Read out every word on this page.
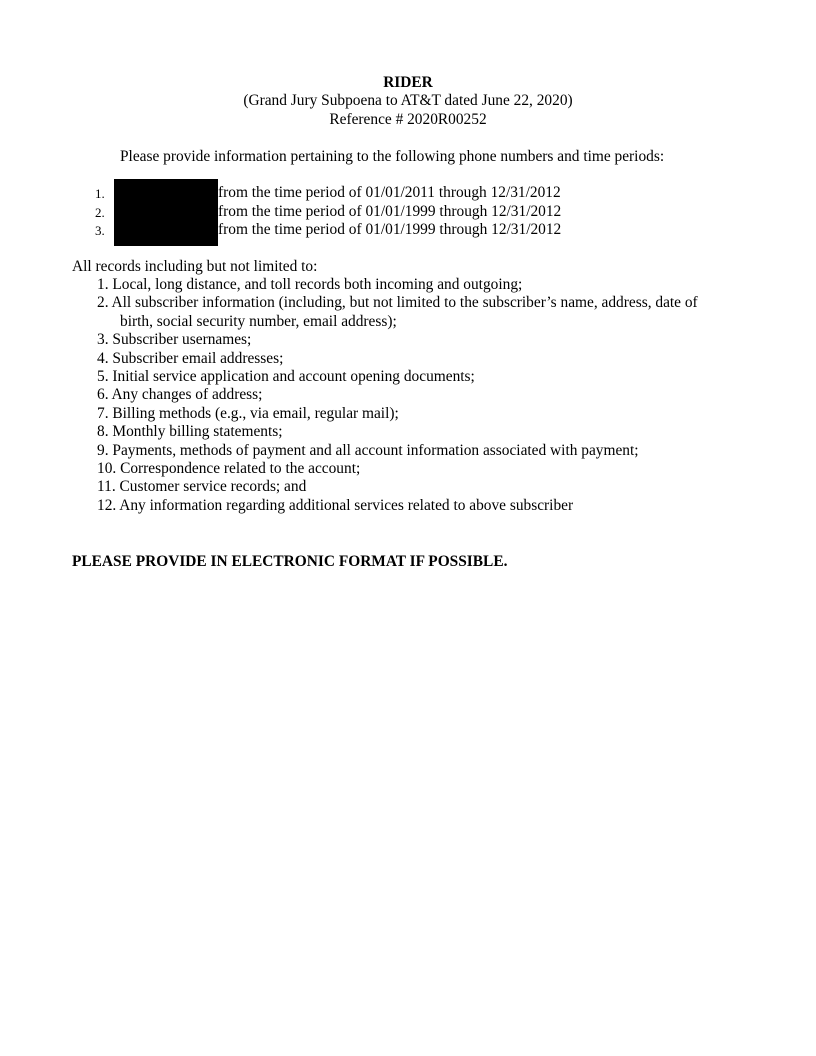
RIDER
(Grand Jury Subpoena to AT&T dated June 22, 2020)
Reference # 2020R00252
Please provide information pertaining to the following phone numbers and time periods:
1.	from the time period of 01/01/2011 through 12/31/2012
2.	from the time period of 01/01/1999 through 12/31/2012
3.	from the time period of 01/01/1999 through 12/31/2012
All records including but not limited to:
1. Local, long distance, and toll records both incoming and outgoing;
2. All subscriber information (including, but not limited to the subscriber’s name, address, date of
birth, social security number, email address);
3. Subscriber usernames;
4. Subscriber email addresses;
5. Initial service application and account opening documents;
6. Any changes of address;
7. Billing methods (e.g., via email, regular mail);
8. Monthly billing statements;
9. Payments, methods of payment and all account information associated with payment;
10. Correspondence related to the account;
11. Customer service records; and
12. Any information regarding additional services related to above subscriber
PLEASE PROVIDE IN ELECTRONIC FORMAT IF POSSIBLE.
